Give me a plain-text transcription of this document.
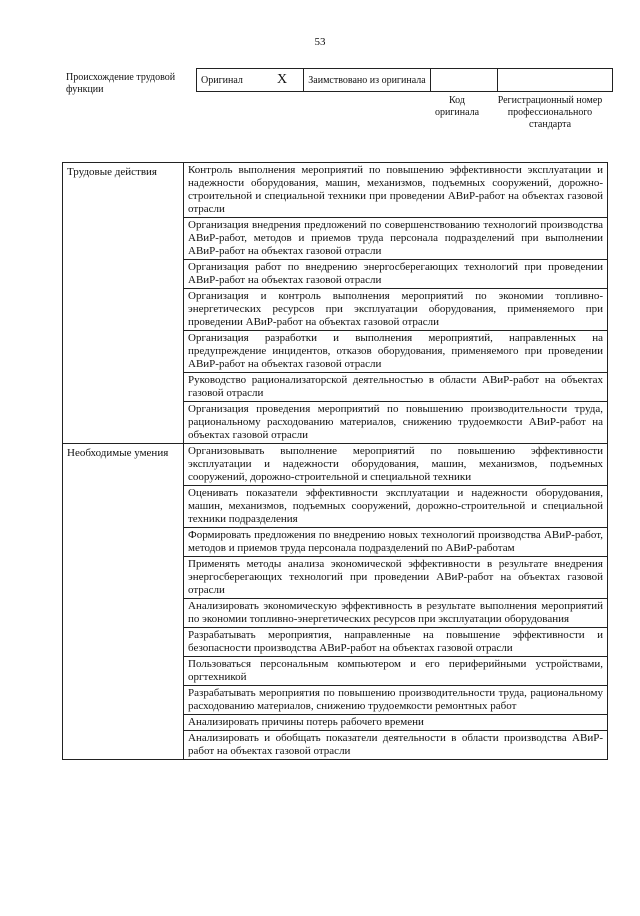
53
Происхождение трудовой функции
Оригинал	X	Заимствовано из оригинала		
Код оригинала
Регистрационный номер профессионального стандарта
Трудовые действия	Контроль выполнения мероприятий по повышению эффективности эксплуатации и надежности оборудования, машин, механизмов, подъемных сооружений, дорожно-строительной и специальной техники при проведении АВиР-работ на объектах газовой отрасли
	Организация внедрения предложений по совершенствованию технологий производства АВиР-работ, методов и приемов труда персонала подразделений при выполнении АВиР-работ на объектах газовой отрасли
	Организация работ по внедрению энергосберегающих технологий при проведении АВиР-работ на объектах газовой отрасли
	Организация и контроль выполнения мероприятий по экономии топливно-энергетических ресурсов при эксплуатации оборудования, применяемого при проведении АВиР-работ на объектах газовой отрасли
	Организация разработки и выполнения мероприятий, направленных на предупреждение инцидентов, отказов оборудования, применяемого при проведении АВиР-работ на объектах газовой отрасли
	Руководство рационализаторской деятельностью в области АВиР-работ на объектах газовой отрасли
	Организация проведения мероприятий по повышению производительности труда, рациональному расходованию материалов, снижению трудоемкости АВиР-работ на объектах газовой отрасли
Необходимые умения	Организовывать выполнение мероприятий по повышению эффективности эксплуатации и надежности оборудования, машин, механизмов, подъемных сооружений, дорожно-строительной и специальной техники
	Оценивать показатели эффективности эксплуатации и надежности оборудования, машин, механизмов, подъемных сооружений, дорожно-строительной и специальной техники подразделения
	Формировать предложения по внедрению новых технологий производства АВиР-работ, методов и приемов труда персонала подразделений по АВиР-работам
	Применять методы анализа экономической эффективности в результате внедрения энергосберегающих технологий при проведении АВиР-работ на объектах газовой отрасли
	Анализировать экономическую эффективность в результате выполнения мероприятий по экономии топливно-энергетических ресурсов при эксплуатации оборудования
	Разрабатывать мероприятия, направленные на повышение эффективности и безопасности производства АВиР-работ на объектах газовой отрасли
	Пользоваться персональным компьютером и его периферийными устройствами, оргтехникой
	Разрабатывать мероприятия по повышению производительности труда, рациональному расходованию материалов, снижению трудоемкости ремонтных работ
	Анализировать причины потерь рабочего времени
	Анализировать и обобщать показатели деятельности в области производства АВиР-работ на объектах газовой отрасли
